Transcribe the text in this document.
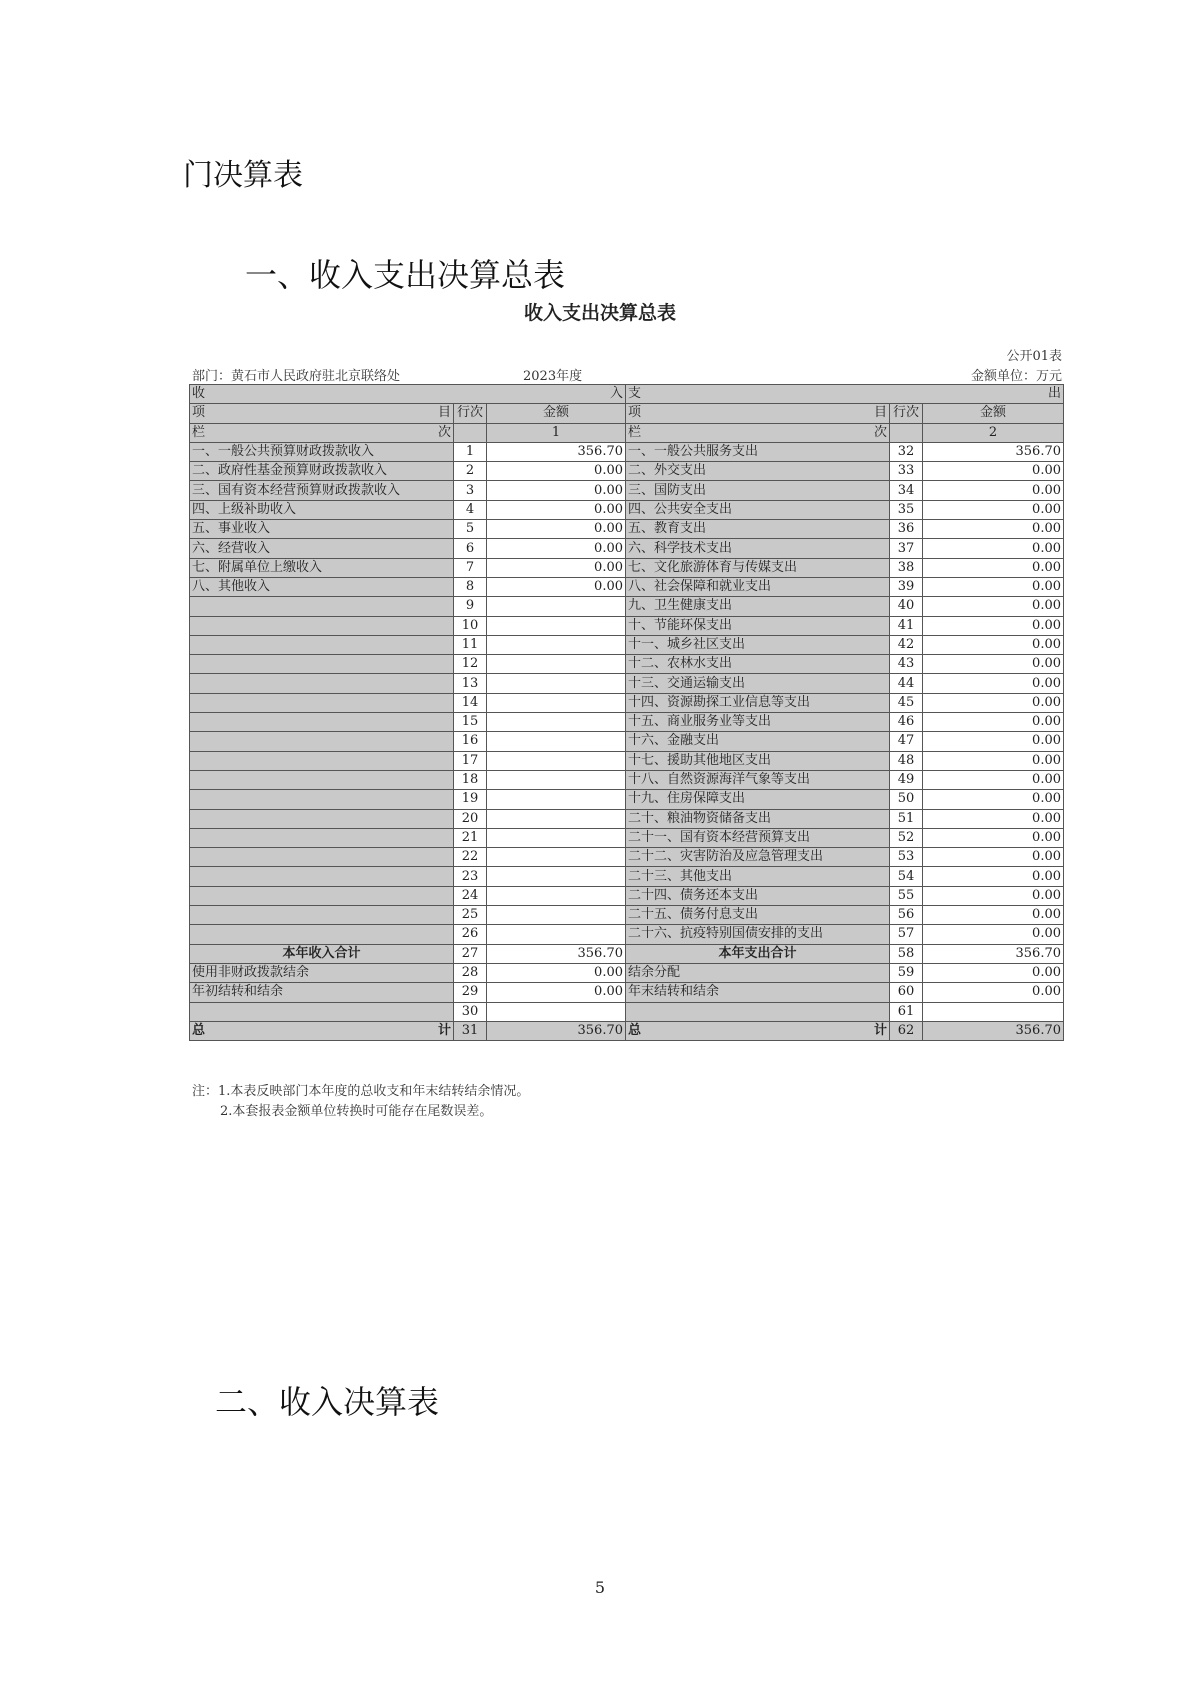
门决算表
一、收入支出决算总表
收入支出决算总表
公开01表
部门：黄石市人民政府驻北京联络处	2023年度	金额单位：万元
收 入			支 出		

项 目	行次	金额	项 目	行次	金额

栏 次		1	栏 次		2
一、一般公共预算财政拨款收入	1	356.70	一、一般公共服务支出	32	356.70
二、政府性基金预算财政拨款收入	2	0.00	二、外交支出	33	0.00
三、国有资本经营预算财政拨款收入	3	0.00	三、国防支出	34	0.00
四、上级补助收入	4	0.00	四、公共安全支出	35	0.00
五、事业收入	5	0.00	五、教育支出	36	0.00
六、经营收入	6	0.00	六、科学技术支出	37	0.00
七、附属单位上缴收入	7	0.00	七、文化旅游体育与传媒支出	38	0.00
八、其他收入	8	0.00	八、社会保障和就业支出	39	0.00
	9		九、卫生健康支出	40	0.00
	10		十、节能环保支出	41	0.00
	11		十一、城乡社区支出	42	0.00
	12		十二、农林水支出	43	0.00
	13		十三、交通运输支出	44	0.00
	14		十四、资源勘探工业信息等支出	45	0.00
	15		十五、商业服务业等支出	46	0.00
	16		十六、金融支出	47	0.00
	17		十七、援助其他地区支出	48	0.00
	18		十八、自然资源海洋气象等支出	49	0.00
	19		十九、住房保障支出	50	0.00
	20		二十、粮油物资储备支出	51	0.00
	21		二十一、国有资本经营预算支出	52	0.00
	22		二十二、灾害防治及应急管理支出	53	0.00
	23		二十三、其他支出	54	0.00
	24		二十四、债务还本支出	55	0.00
	25		二十五、债务付息支出	56	0.00
	26		二十六、抗疫特别国债安排的支出	57	0.00
本年收入合计	27	356.70	本年支出合计	58	356.70
使用非财政拨款结余	28	0.00	结余分配	59	0.00
年初结转和结余	29	0.00	年末结转和结余	60	0.00
	30			61	

总 计	31	356.70	总 计	62	356.70
注：1.本表反映部门本年度的总收支和年末结转结余情况。
2.本套报表金额单位转换时可能存在尾数误差。
二、收入决算表
5
